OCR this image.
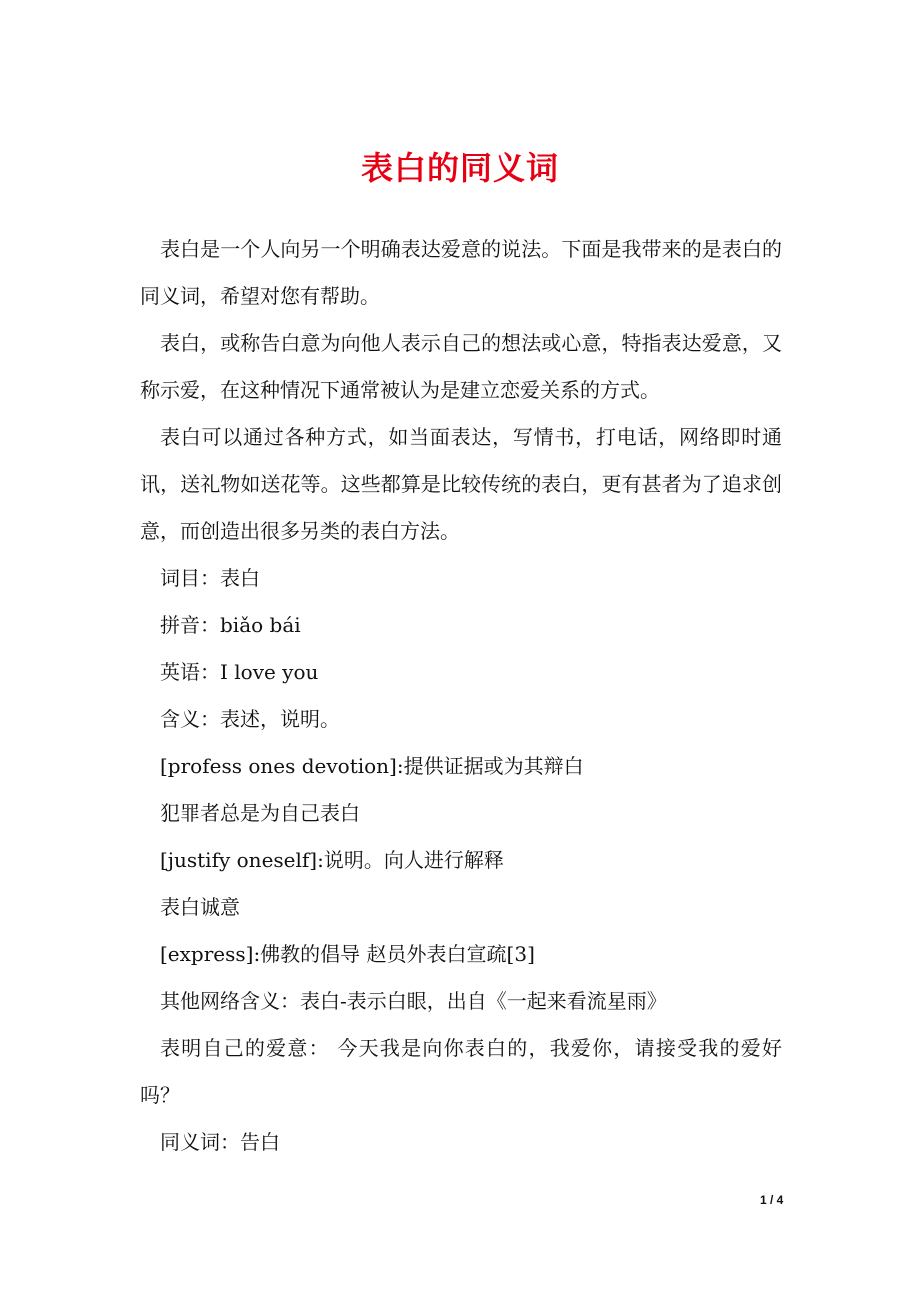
表白的同义词

表白是一个人向另一个明确表达爱意的说法。下面是我带来的是表白的同义词，希望对您有帮助。

表白，或称告白意为向他人表示自己的想法或心意，特指表达爱意，又称示爱，在这种情况下通常被认为是建立恋爱关系的方式。

表白可以通过各种方式，如当面表达，写情书，打电话，网络即时通讯，送礼物如送花等。这些都算是比较传统的表白，更有甚者为了追求创意，而创造出很多另类的表白方法。

词目：表白

拼音：biǎo bái

英语：I love you

含义：表述，说明。

[profess ones devotion]:提供证据或为其辩白

犯罪者总是为自己表白

[justify oneself]:说明。向人进行解释

表白诚意

[express]:佛教的倡导 赵员外表白宣疏[3]

其他网络含义：表白-表示白眼，出自《一起来看流星雨》

表明自己的爱意： 今天我是向你表白的，我爱你，请接受我的爱好吗？

同义词：告白

1 / 4
